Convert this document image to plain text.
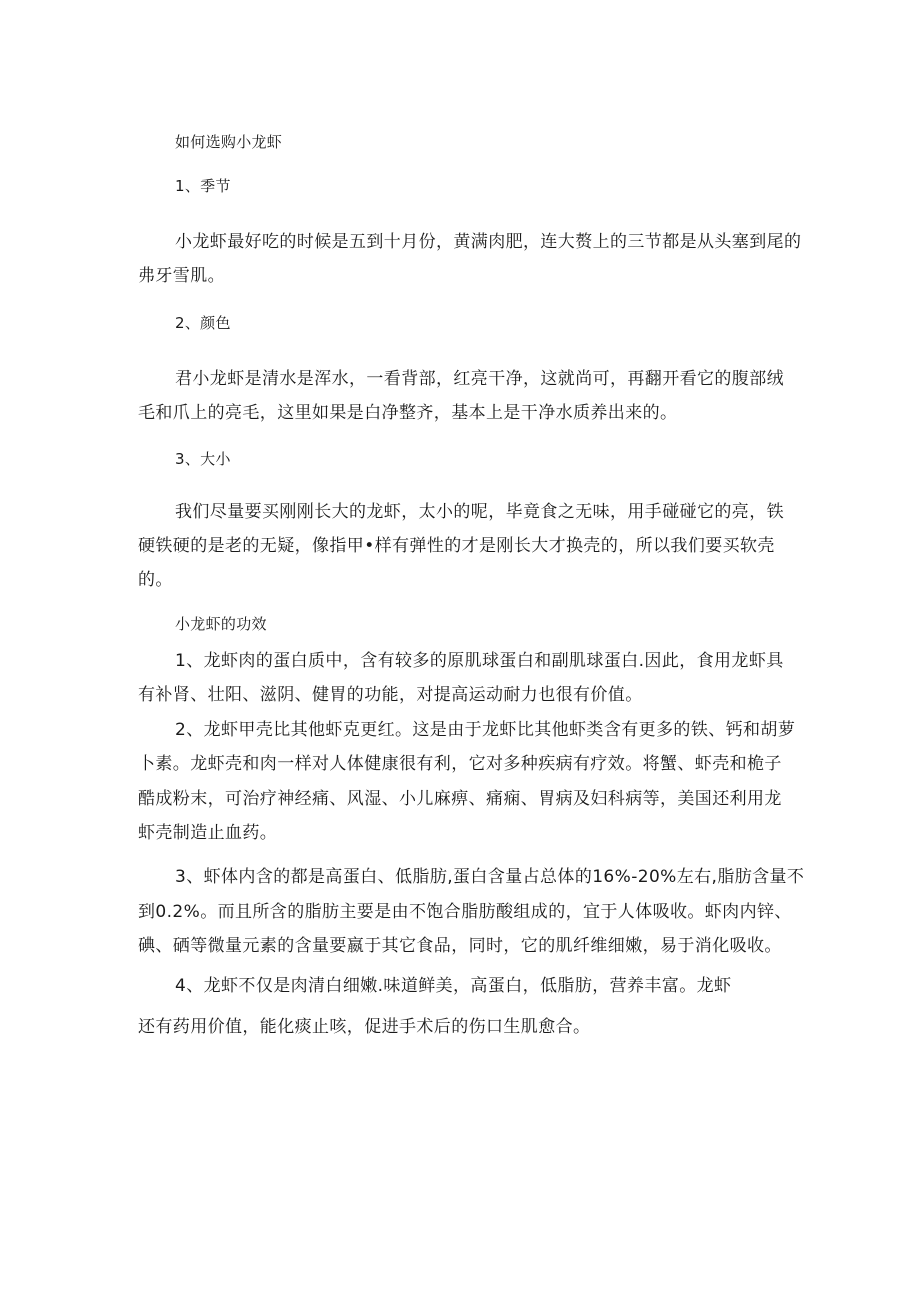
如何选购小龙虾
1、季节
小龙虾最好吃的时候是五到十月份，黄满肉肥，连大赘上的三节都是从头塞到尾的
弗牙雪肌。
2、颜色
君小龙虾是清水是浑水，一看背部，红亮干净，这就尚可，再翻开看它的腹部绒
毛和爪上的亮毛，这里如果是白净整齐，基本上是干净水质养出来的。
3、大小
我们尽量要买刚刚长大的龙虾，太小的呢，毕竟食之无味，用手碰碰它的亮，铁
硬铁硬的是老的无疑，像指甲•样有弹性的才是刚长大才换壳的，所以我们要买软壳
的。
小龙虾的功效
1、龙虾肉的蛋白质中，含有较多的原肌球蛋白和副肌球蛋白.因此，食用龙虾具
有补肾、壮阳、滋阴、健胃的功能，对提高运动耐力也很有价值。
2、龙虾甲壳比其他虾克更红。这是由于龙虾比其他虾类含有更多的铁、钙和胡萝
卜素。龙虾壳和肉一样对人体健康很有利，它对多种疾病有疗效。将蟹、虾壳和桅子
酷成粉末，可治疗神经痛、风湿、小儿麻痹、痛痫、胃病及妇科病等，美国还利用龙
虾壳制造止血药。
3、虾体内含的都是高蛋白、低脂肪,蛋白含量占总体的16%-20%左右,脂肪含量不
到0.2%。而且所含的脂肪主要是由不饱合脂肪酸组成的，宜于人体吸收。虾肉内锌、
碘、硒等微量元素的含量要嬴于其它食品，同时，它的肌纤维细嫩，易于消化吸收。
4、龙虾不仅是肉清白细嫩.味道鲜美，高蛋白，低脂肪，营养丰富。龙虾
还有药用价值，能化痰止咳，促进手术后的伤口生肌愈合。
